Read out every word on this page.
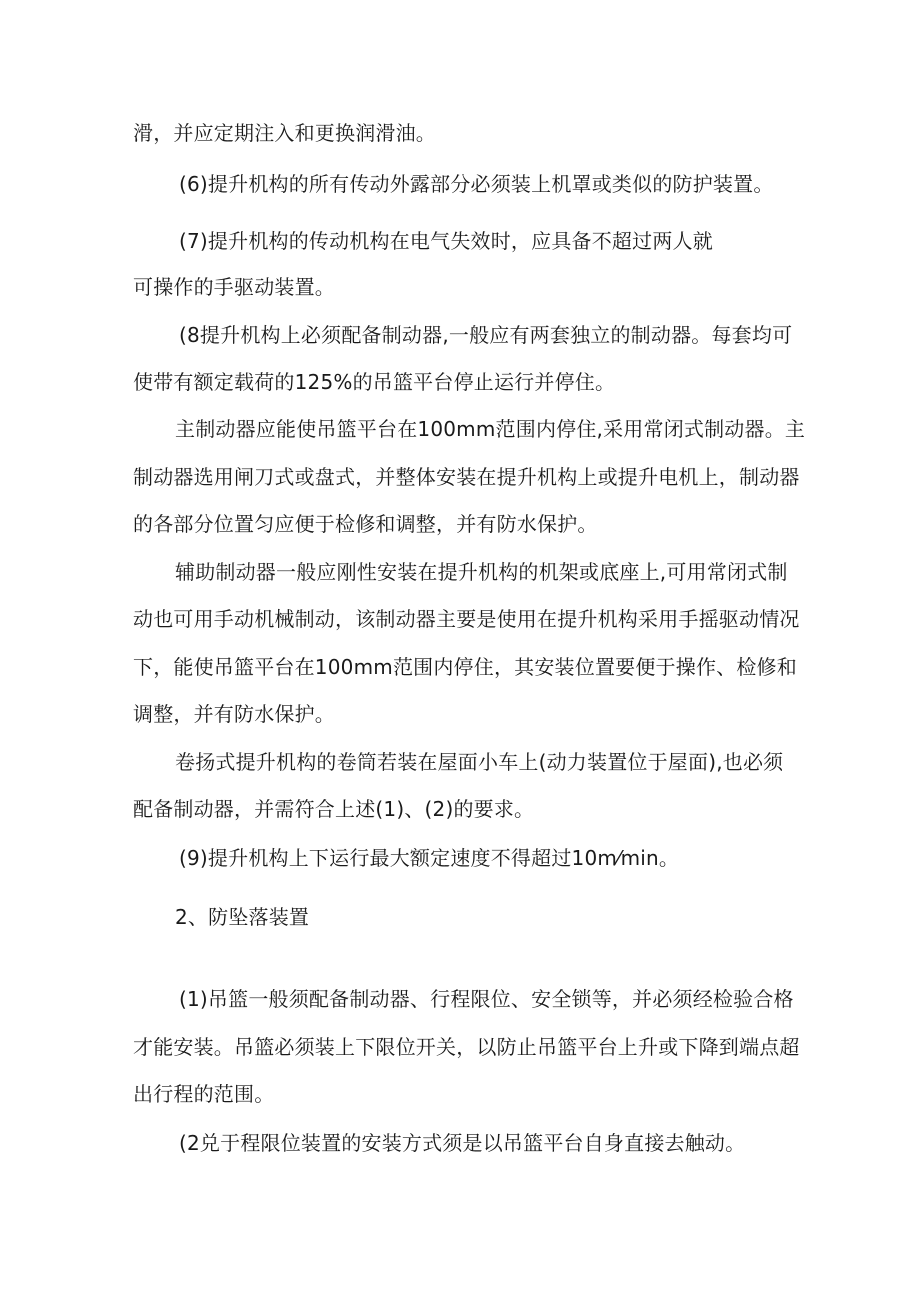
滑，并应定期注入和更换润滑油。
(6)提升机构的所有传动外露部分必须装上机罩或类似的防护装置。
(7)提升机构的传动机构在电气失效时，应具备不超过两人就
可操作的手驱动装置。
(8提升机构上必须配备制动器,一般应有两套独立的制动器。每套均可
使带有额定载荷的125%的吊篮平台停止运行并停住。
主制动器应能使吊篮平台在100mm范围内停住,采用常闭式制动器。主
制动器选用闸刀式或盘式，并整体安装在提升机构上或提升电机上，制动器
的各部分位置匀应便于检修和调整，并有防水保护。
辅助制动器一般应刚性安装在提升机构的机架或底座上,可用常闭式制
动也可用手动机械制动，该制动器主要是使用在提升机构采用手摇驱动情况
下，能使吊篮平台在100mm范围内停住，其安装位置要便于操作、检修和
调整，并有防水保护。
卷扬式提升机构的卷筒若装在屋面小车上(动力装置位于屋面),也必须
配备制动器，并需符合上述(1)、(2)的要求。
(9)提升机构上下运行最大额定速度不得超过10m⁄min。
2、防坠落装置
(1)吊篮一般须配备制动器、行程限位、安全锁等，并必须经检验合格
才能安装。吊篮必须装上下限位开关，以防止吊篮平台上升或下降到端点超
出行程的范围。
(2兑于程限位装置的安装方式须是以吊篮平台自身直接去触动。
